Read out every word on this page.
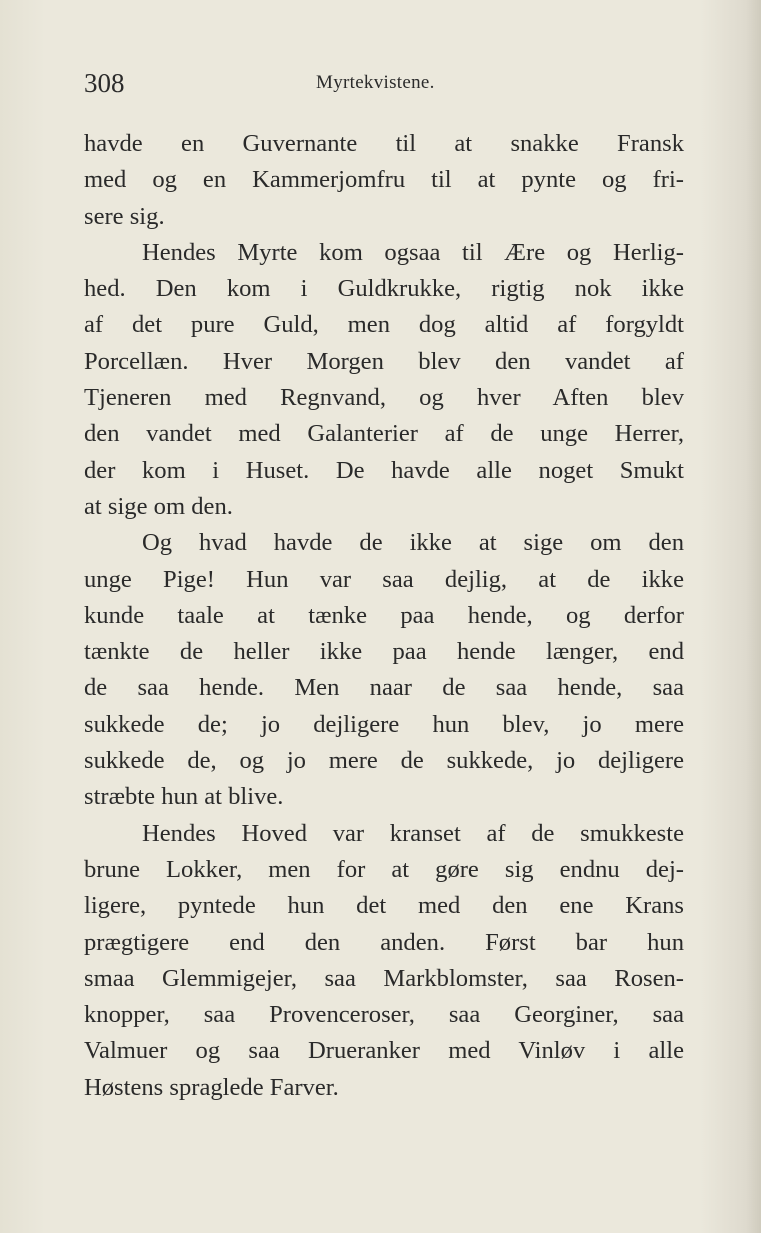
308	Myrtekvistene.
havde en Guvernante til at snakke Fransk
med og en Kammerjomfru til at pynte og fri-
sere sig.
Hendes Myrte kom ogsaa til Ære og Herlig-
hed. Den kom i Guldkrukke, rigtig nok ikke
af det pure Guld, men dog altid af forgyldt
Porcellæn. Hver Morgen blev den vandet af
Tjeneren med Regnvand, og hver Aften blev
den vandet med Galanterier af de unge Herrer,
der kom i Huset. De havde alle noget Smukt
at sige om den.
Og hvad havde de ikke at sige om den
unge Pige! Hun var saa dejlig, at de ikke
kunde taale at tænke paa hende, og derfor
tænkte de heller ikke paa hende længer, end
de saa hende. Men naar de saa hende, saa
sukkede de; jo dejligere hun blev, jo mere
sukkede de, og jo mere de sukkede, jo dejligere
stræbte hun at blive.
Hendes Hoved var kranset af de smukkeste
brune Lokker, men for at gøre sig endnu dej-
ligere, pyntede hun det med den ene Krans
prægtigere end den anden. Først bar hun
smaa Glemmigejer, saa Markblomster, saa Rosen-
knopper, saa Provenceroser, saa Georginer, saa
Valmuer og saa Drueranker med Vinløv i alle
Høstens spraglede Farver.
